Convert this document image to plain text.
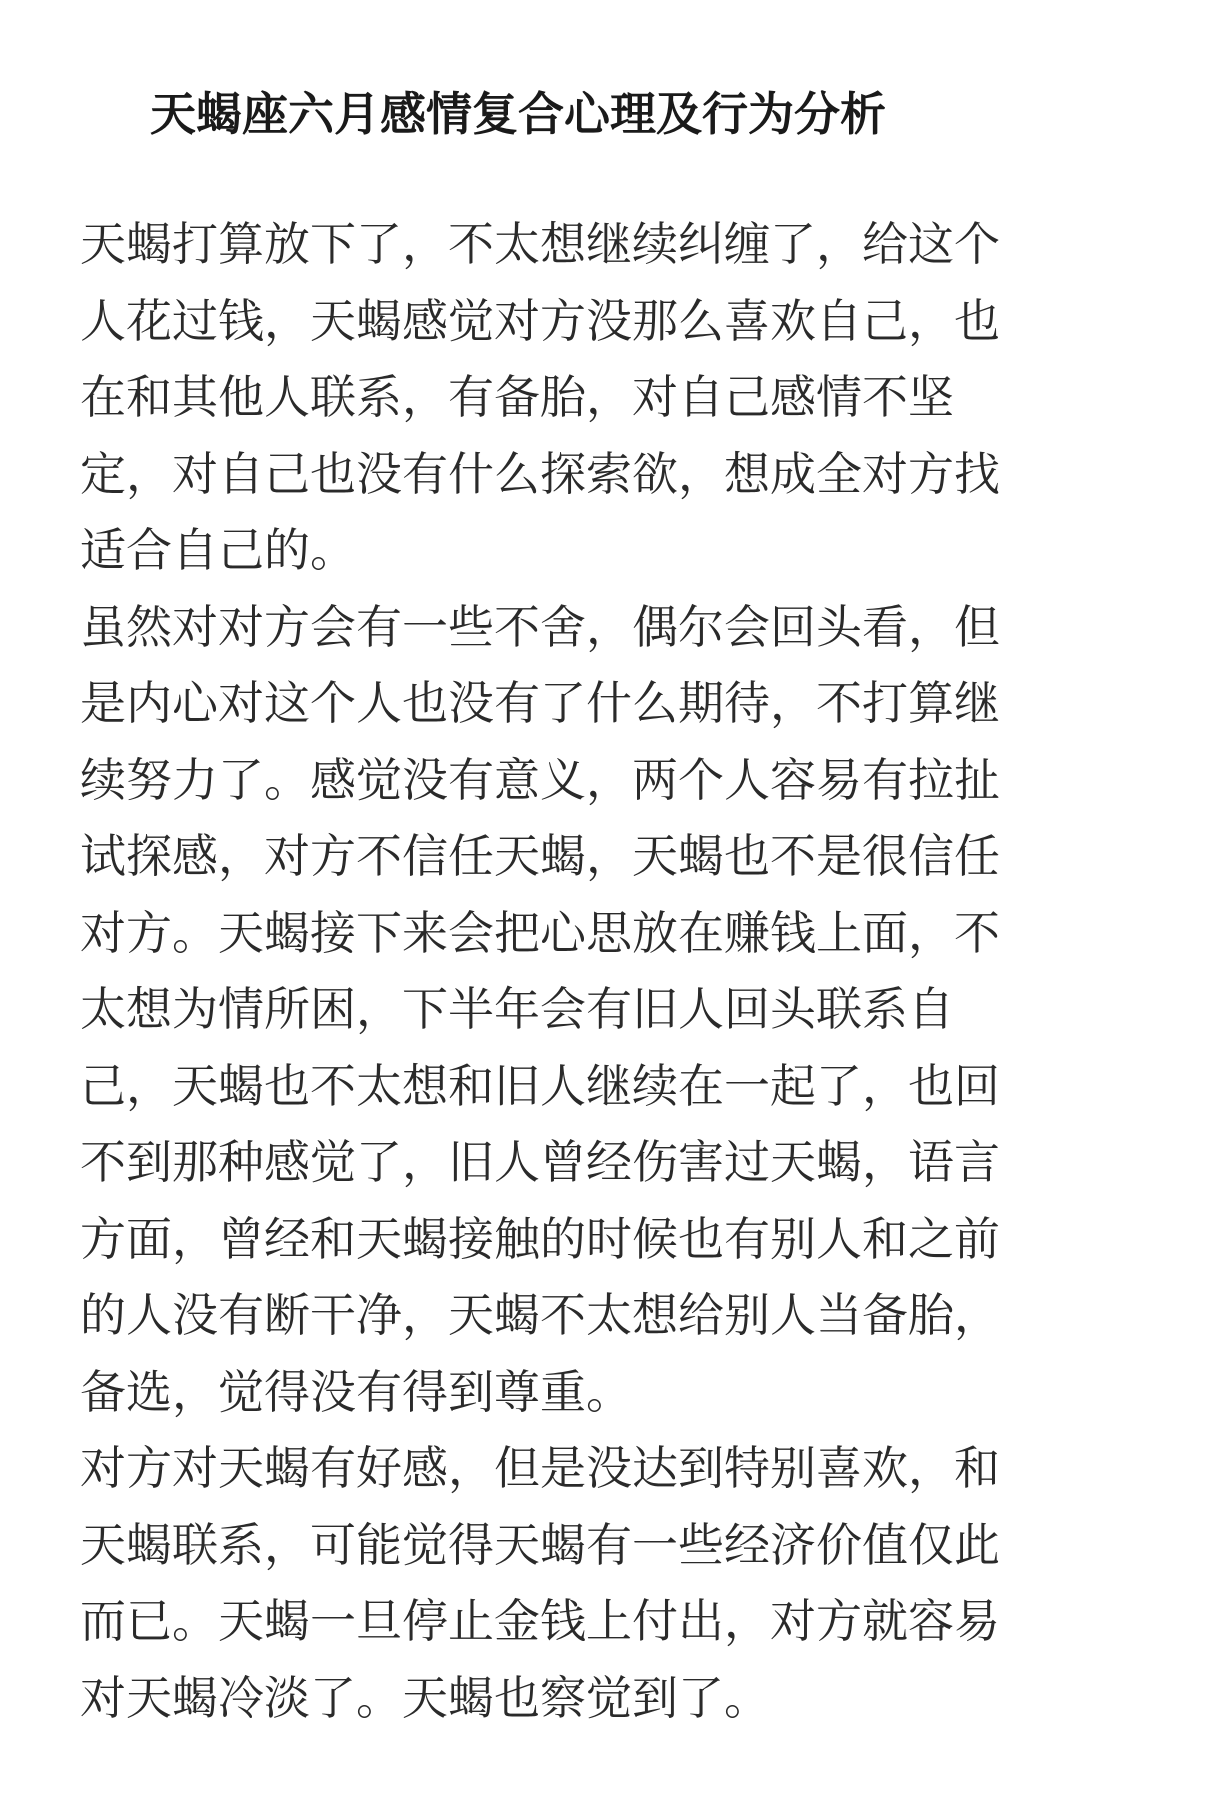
天蝎座六月感情复合心理及行为分析

天蝎打算放下了，不太想继续纠缠了，给这个
人花过钱，天蝎感觉对方没那么喜欢自己，也
在和其他人联系，有备胎，对自己感情不坚
定，对自己也没有什么探索欲，想成全对方找
适合自己的。

虽然对对方会有一些不舍，偶尔会回头看，但
是内心对这个人也没有了什么期待，不打算继
续努力了。感觉没有意义，两个人容易有拉扯
试探感，对方不信任天蝎，天蝎也不是很信任
对方。天蝎接下来会把心思放在赚钱上面，不
太想为情所困，下半年会有旧人回头联系自
己，天蝎也不太想和旧人继续在一起了，也回
不到那种感觉了，旧人曾经伤害过天蝎，语言
方面，曾经和天蝎接触的时候也有别人和之前
的人没有断干净，天蝎不太想给别人当备胎，
备选，觉得没有得到尊重。

对方对天蝎有好感，但是没达到特别喜欢，和
天蝎联系，可能觉得天蝎有一些经济价值仅此
而已。天蝎一旦停止金钱上付出，对方就容易
对天蝎冷淡了。天蝎也察觉到了。
